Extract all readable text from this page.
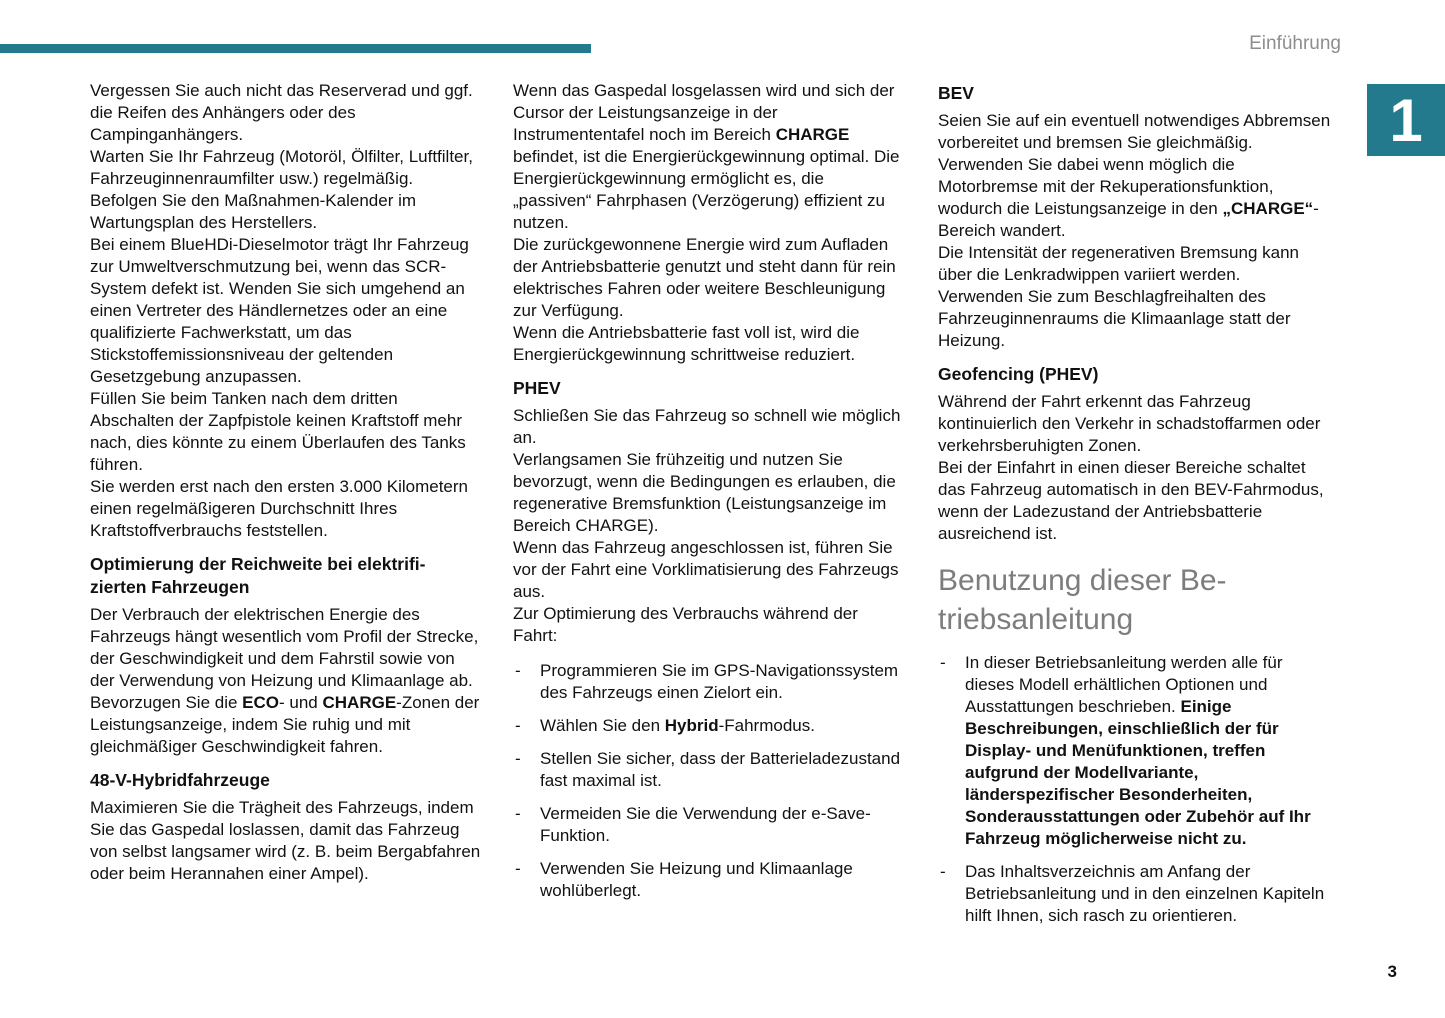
Einführung
1

Vergessen Sie auch nicht das Reserverad und ggf. die Reifen des Anhängers oder des Campinganhängers.

Warten Sie Ihr Fahrzeug (Motoröl, Ölfilter, Luftfilter, Fahrzeuginnenraumfilter usw.) regelmäßig. Befolgen Sie den Maßnahmen-Kalender im Wartungsplan des Herstellers.

Bei einem BlueHDi-Dieselmotor trägt Ihr Fahrzeug zur Umweltverschmutzung bei, wenn das SCR-System defekt ist. Wenden Sie sich umgehend an einen Vertreter des Händlernetzes oder an eine qualifizierte Fachwerkstatt, um das Stickstoffemissionsniveau der geltenden Gesetzgebung anzupassen.

Füllen Sie beim Tanken nach dem dritten Abschalten der Zapfpistole keinen Kraftstoff mehr nach, dies könnte zu einem Überlaufen des Tanks führen.

Sie werden erst nach den ersten 3.000 Kilometern einen regelmäßigeren Durchschnitt Ihres Kraftstoffverbrauchs feststellen.

Optimierung der Reichweite bei elektrifi-
zierten Fahrzeugen

Der Verbrauch der elektrischen Energie des Fahrzeugs hängt wesentlich vom Profil der Strecke, der Geschwindigkeit und dem Fahrstil sowie von der Verwendung von Heizung und Klimaanlage ab.

Bevorzugen Sie die ECO- und CHARGE-Zonen der Leistungsanzeige, indem Sie ruhig und mit gleichmäßiger Geschwindigkeit fahren.

48-V-Hybridfahrzeuge

Maximieren Sie die Trägheit des Fahrzeugs, indem Sie das Gaspedal loslassen, damit das Fahrzeug von selbst langsamer wird (z. B. beim Bergabfahren oder beim Herannahen einer Ampel).

Wenn das Gaspedal losgelassen wird und sich der Cursor der Leistungsanzeige in der Instrumententafel noch im Bereich CHARGE befindet, ist die Energierückgewinnung optimal. Die Energierückgewinnung ermöglicht es, die „passiven“ Fahrphasen (Verzögerung) effizient zu nutzen.

Die zurückgewonnene Energie wird zum Aufladen der Antriebsbatterie genutzt und steht dann für rein elektrisches Fahren oder weitere Beschleunigung zur Verfügung.

Wenn die Antriebsbatterie fast voll ist, wird die Energierückgewinnung schrittweise reduziert.

PHEV

Schließen Sie das Fahrzeug so schnell wie möglich an.

Verlangsamen Sie frühzeitig und nutzen Sie bevorzugt, wenn die Bedingungen es erlauben, die regenerative Bremsfunktion (Leistungsanzeige im Bereich CHARGE).

Wenn das Fahrzeug angeschlossen ist, führen Sie vor der Fahrt eine Vorklimatisierung des Fahrzeugs aus.

Zur Optimierung des Verbrauchs während der Fahrt:

- Programmieren Sie im GPS-Navigationssystem des Fahrzeugs einen Zielort ein.
- Wählen Sie den Hybrid-Fahrmodus.
- Stellen Sie sicher, dass der Batterieladezustand fast maximal ist.
- Vermeiden Sie die Verwendung der e-Save-Funktion.
- Verwenden Sie Heizung und Klimaanlage wohlüberlegt.
BEV

Seien Sie auf ein eventuell notwendiges Abbremsen vorbereitet und bremsen Sie gleichmäßig. Verwenden Sie dabei wenn möglich die Motorbremse mit der Rekuperationsfunktion, wodurch die Leistungsanzeige in den „CHARGE“-Bereich wandert.

Die Intensität der regenerativen Bremsung kann über die Lenkradwippen variiert werden.

Verwenden Sie zum Beschlagfreihalten des Fahrzeuginnenraums die Klimaanlage statt der Heizung.

Geofencing (PHEV)

Während der Fahrt erkennt das Fahrzeug kontinuierlich den Verkehr in schadstoffarmen oder verkehrsberuhigten Zonen.

Bei der Einfahrt in einen dieser Bereiche schaltet das Fahrzeug automatisch in den BEV-Fahrmodus, wenn der Ladezustand der Antriebsbatterie ausreichend ist.

Benutzung dieser Be-
triebsanleitung
- In dieser Betriebsanleitung werden alle für dieses Modell erhältlichen Optionen und Ausstattungen beschrieben. Einige Beschreibungen, einschließlich der für Display- und Menüfunktionen, treffen aufgrund der Modellvariante, länderspezifischer Besonderheiten, Sonderausstattungen oder Zubehör auf Ihr Fahrzeug möglicherweise nicht zu.
- Das Inhaltsverzeichnis am Anfang der Betriebsanleitung und in den einzelnen Kapiteln hilft Ihnen, sich rasch zu orientieren.
3
